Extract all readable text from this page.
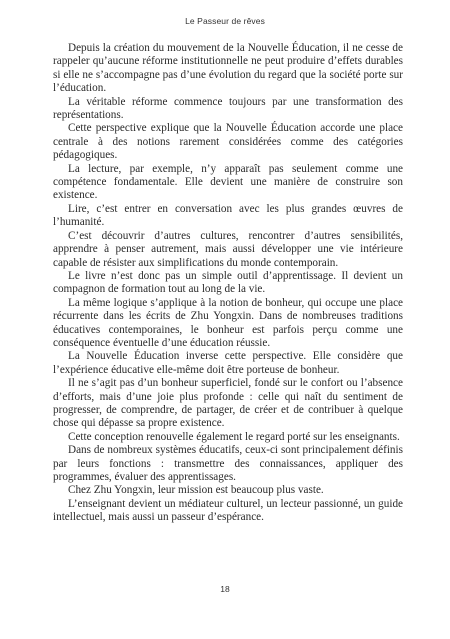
Le Passeur de rêves

Depuis la création du mouvement de la Nouvelle Éducation, il ne cesse de rappeler qu’aucune réforme institutionnelle ne peut produire d’effets durables si elle ne s’accompagne pas d’une évolution du regard que la société porte sur l’éducation.

La véritable réforme commence toujours par une transformation des représentations.

Cette perspective explique que la Nouvelle Éducation accorde une place centrale à des notions rarement considérées comme des catégories pédagogiques.

La lecture, par exemple, n’y apparaît pas seulement comme une compétence fondamentale. Elle devient une manière de construire son existence.

Lire, c’est entrer en conversation avec les plus grandes œuvres de l’humanité.

C’est découvrir d’autres cultures, rencontrer d’autres sensibilités, apprendre à penser autrement, mais aussi développer une vie intérieure capable de résister aux simplifications du monde contemporain.

Le livre n’est donc pas un simple outil d’apprentissage. Il devient un compagnon de formation tout au long de la vie.

La même logique s’applique à la notion de bonheur, qui occupe une place récurrente dans les écrits de Zhu Yongxin. Dans de nombreuses traditions éducatives contemporaines, le bonheur est parfois perçu comme une conséquence éventuelle d’une éducation réussie.

La Nouvelle Éducation inverse cette perspective. Elle considère que l’expérience éducative elle-même doit être porteuse de bonheur.

Il ne s’agit pas d’un bonheur superficiel, fondé sur le confort ou l’absence d’efforts, mais d’une joie plus profonde : celle qui naît du sentiment de progresser, de comprendre, de partager, de créer et de contribuer à quelque chose qui dépasse sa propre existence.

Cette conception renouvelle également le regard porté sur les enseignants.

Dans de nombreux systèmes éducatifs, ceux-ci sont principalement définis par leurs fonctions : transmettre des connaissances, appliquer des programmes, évaluer des apprentissages.

Chez Zhu Yongxin, leur mission est beaucoup plus vaste.

L’enseignant devient un médiateur culturel, un lecteur passionné, un guide intellectuel, mais aussi un passeur d’espérance.

18
